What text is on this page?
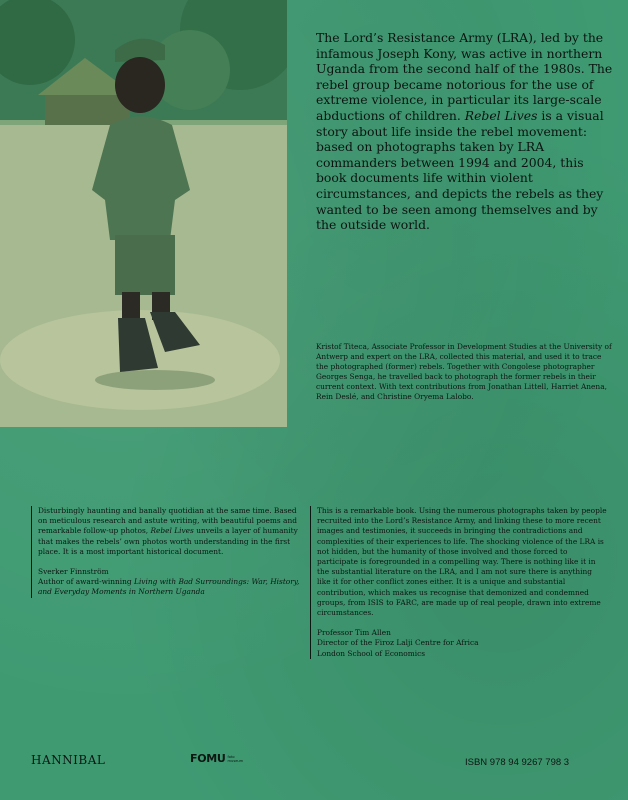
The Lord’s Resistance Army (LRA), led by the infamous Joseph Kony, was active in northern Uganda from the second half of the 1980s. The rebel group became notorious for the use of extreme violence, in particular its large-scale abductions of children. Rebel Lives is a visual story about life inside the rebel movement: based on photographs taken by LRA commanders between 1994 and 2004, this book documents life within violent circumstances, and depicts the rebels as they wanted to be seen among themselves and by the outside world.
Kristof Titeca, Associate Professor in Development Studies at the University of Antwerp and expert on the LRA, collected this material, and used it to trace the photographed (former) rebels. Together with Congolese photographer Georges Senga, he travelled back to photograph the former rebels in their current context. With text contributions from Jonathan Littell, Harriet Anena, Rein Deslé, and Christine Oryema Lalobo.

Disturbingly haunting and banally quotidian at the same time. Based on meticulous research and astute writing, with beautiful poems and remarkable follow-up photos, Rebel Lives unveils a layer of humanity that makes the rebels’ own photos worth understanding in the first place. It is a most important historical document.

Sverker Finnström

Author of award-winning Living with Bad Surroundings: War, History, and Everyday Moments in Northern Uganda

This is a remarkable book. Using the numerous photographs taken by people recruited into the Lord’s Resistance Army, and linking these to more recent images and testimonies, it succeeds in bringing the contradictions and complexities of their experiences to life. The shocking violence of the LRA is not hidden, but the humanity of those involved and those forced to participate is foregrounded in a compelling way. There is nothing like it in the substantial literature on the LRA, and I am not sure there is anything like it for other conflict zones either. It is a unique and substantial contribution, which makes us recognise that demonized and condemned groups, from ISIS to FARC, are made up of real people, drawn into extreme circumstances.

Professor Tim Allen

Director of the Firoz Lalji Centre for Africa

London School of Economics

HANNIBAL	FOMU foto museum	ISBN 978 94 9267 798 3
